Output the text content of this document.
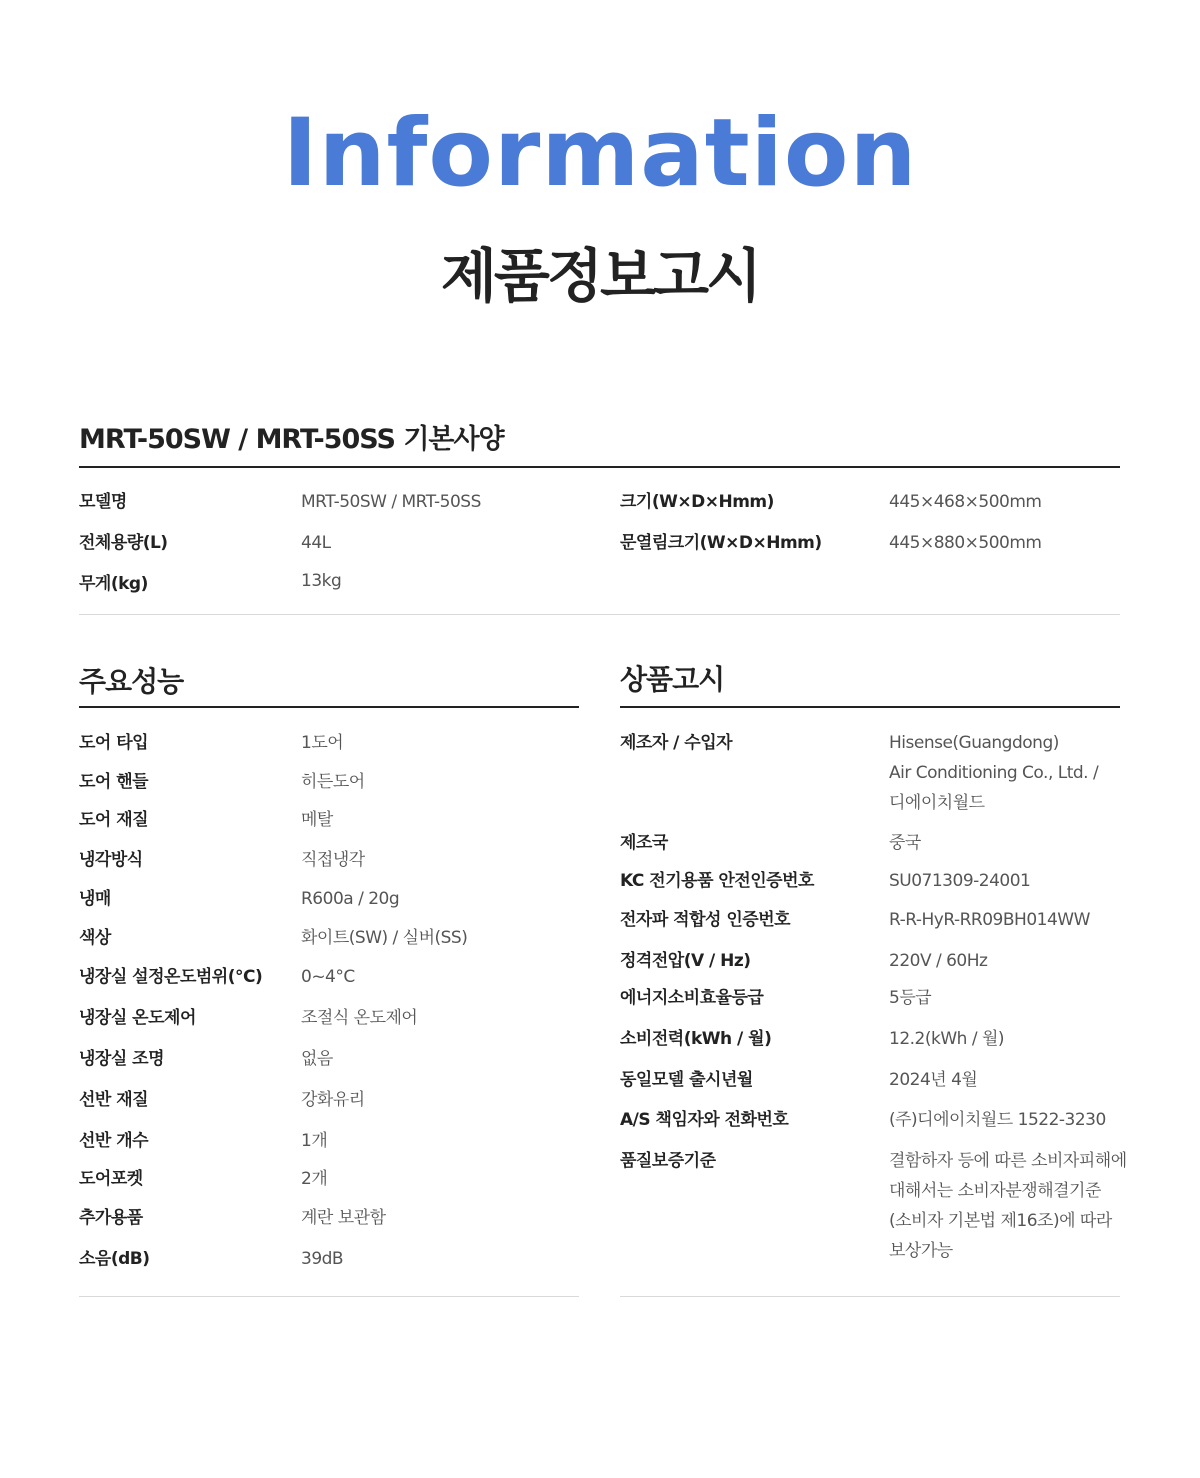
Information
제품정보고시
MRT-50SW / MRT-50SS 기본사양
모델명	MRT-50SW / MRT-50SS
전체용량(L)	44L
무게(kg)	13kg
크기(W×D×Hmm)	445×468×500mm
문열림크기(W×D×Hmm)	445×880×500mm
주요성능
도어 타입	1도어
도어 핸들	히든도어
도어 재질	메탈
냉각방식	직접냉각
냉매	R600a / 20g
색상	화이트(SW) / 실버(SS)
냉장실 설정온도범위(°C) 0~4°C
냉장실 온도제어	조절식 온도제어
냉장실 조명	없음
선반 재질	강화유리
선반 개수	1개
도어포켓	2개
추가용품	계란 보관함
소음(dB)	39dB
상품고시
제조자 / 수입자	Hisense(Guangdong)
Air Conditioning Co., Ltd. /
디에이치월드
제조국	중국
KC 전기용품 안전인증번호	SU071309-24001
전자파 적합성 인증번호	R-R-HyR-RR09BH014WW
정격전압(V / Hz)	220V / 60Hz
에너지소비효율등급	5등급
소비전력(kWh / 월)	12.2(kWh / 월)
동일모델 출시년월	2024년 4월
A/S 책임자와 전화번호	(주)디에이치월드 1522-3230
품질보증기준	결함하자 등에 따른 소비자피해에
대해서는 소비자분쟁해결기준
(소비자 기본법 제16조)에 따라
보상가능
